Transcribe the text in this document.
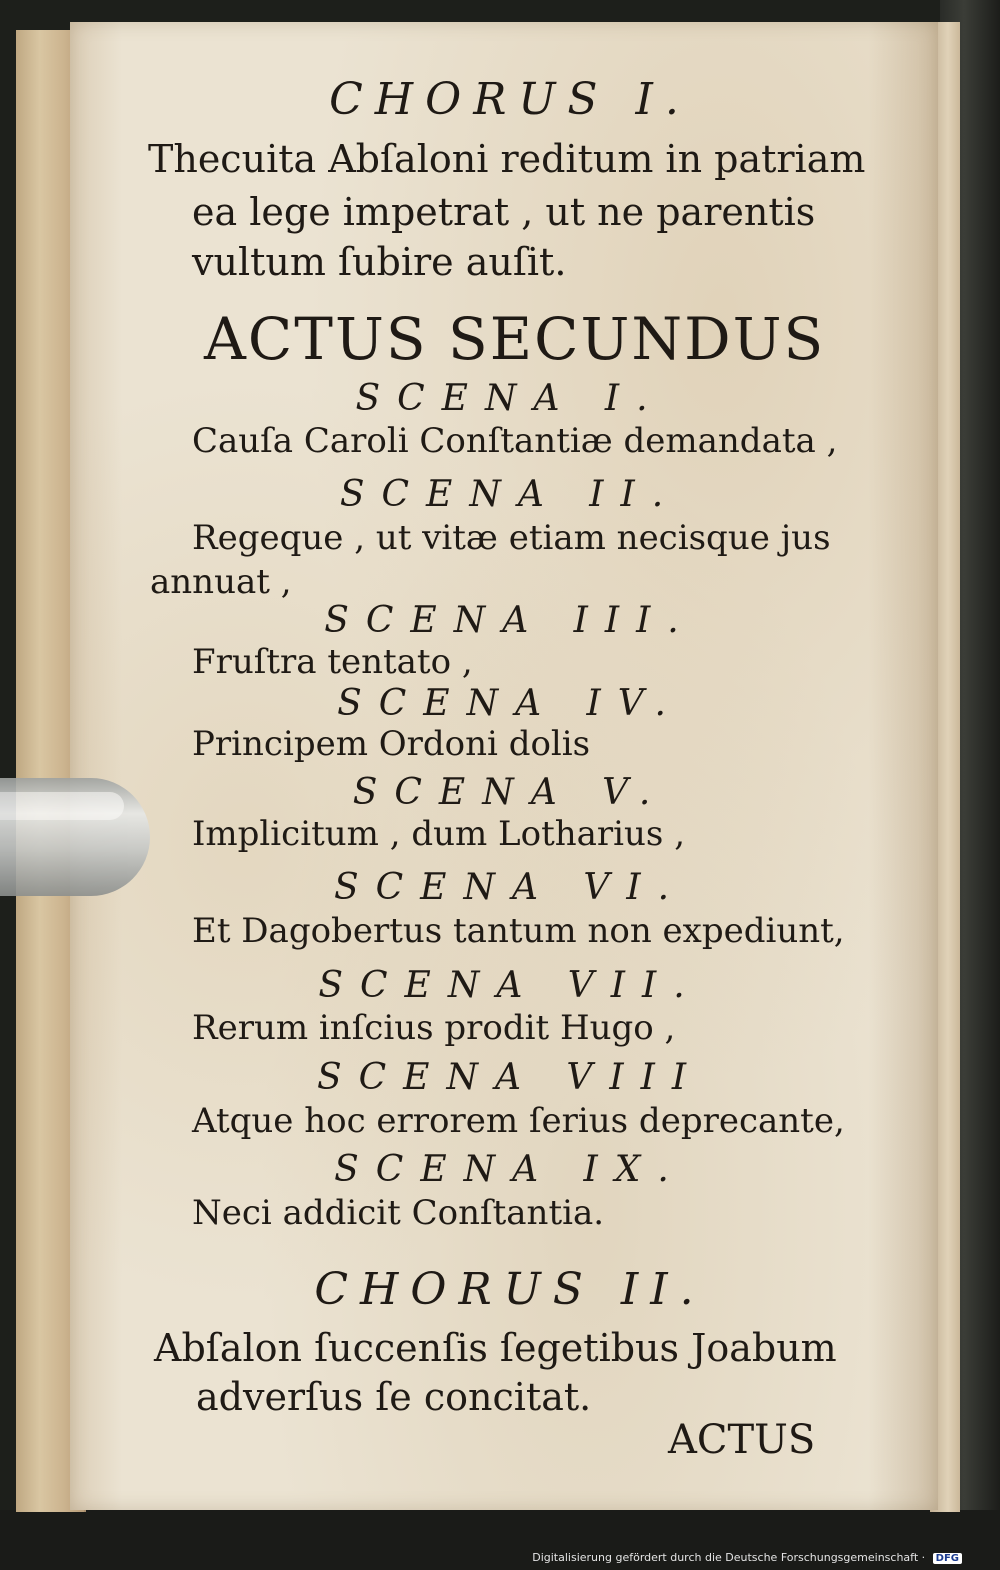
CHORUS I.
Thecuita Abſaloni reditum in patriam
ea lege impetrat , ut ne parentis
vultum ſubire auſit.
ACTUS SECUNDUS
SCENA I.
Cauſa Caroli Conſtantiæ demandata ,
SCENA II.
Regeque , ut vitæ etiam necisque jus
annuat ,
SCENA III.
Fruſtra tentato ,
SCENA IV.
Principem Ordoni dolis
SCENA V.
Implicitum , dum Lotharius ,
SCENA VI.
Et Dagobertus tantum non expediunt,
SCENA VII.
Rerum inſcius prodit Hugo ,
SCENA VIII
Atque hoc errorem ſerius deprecante,
SCENA IX.
Neci addicit Conſtantia.
CHORUS II.
Abſalon ſuccenſis ſegetibus Joabum
adverſus ſe concitat.
ACTUS
Digitalisierung gefördert durch die Deutsche Forschungsgemeinschaft · DFG
